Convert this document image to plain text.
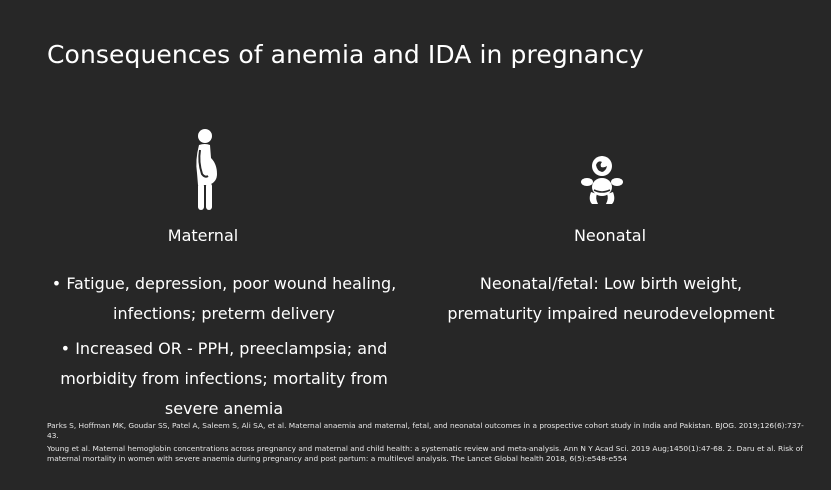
Consequences of anemia and IDA in pregnancy
Maternal	Neonatal
• Fatigue, depression, poor wound healing, infections; preterm delivery
• Increased OR - PPH, preeclampsia; and morbidity from infections; mortality from severe anemia
Neonatal/fetal: Low birth weight, prematurity impaired neurodevelopment

Parks S, Hoffman MK, Goudar SS, Patel A, Saleem S, Ali SA, et al. Maternal anaemia and maternal, fetal, and neonatal outcomes in a prospective cohort study in India and Pakistan. BJOG. 2019;126(6):737-43.

Young et al. Maternal hemoglobin concentrations across pregnancy and maternal and child health: a systematic review and meta-analysis. Ann N Y Acad Sci. 2019 Aug;1450(1):47-68. 2. Daru et al. Risk of maternal mortality in women with severe anaemia during pregnancy and post partum: a multilevel analysis. The Lancet Global health 2018, 6(5):e548-e554
